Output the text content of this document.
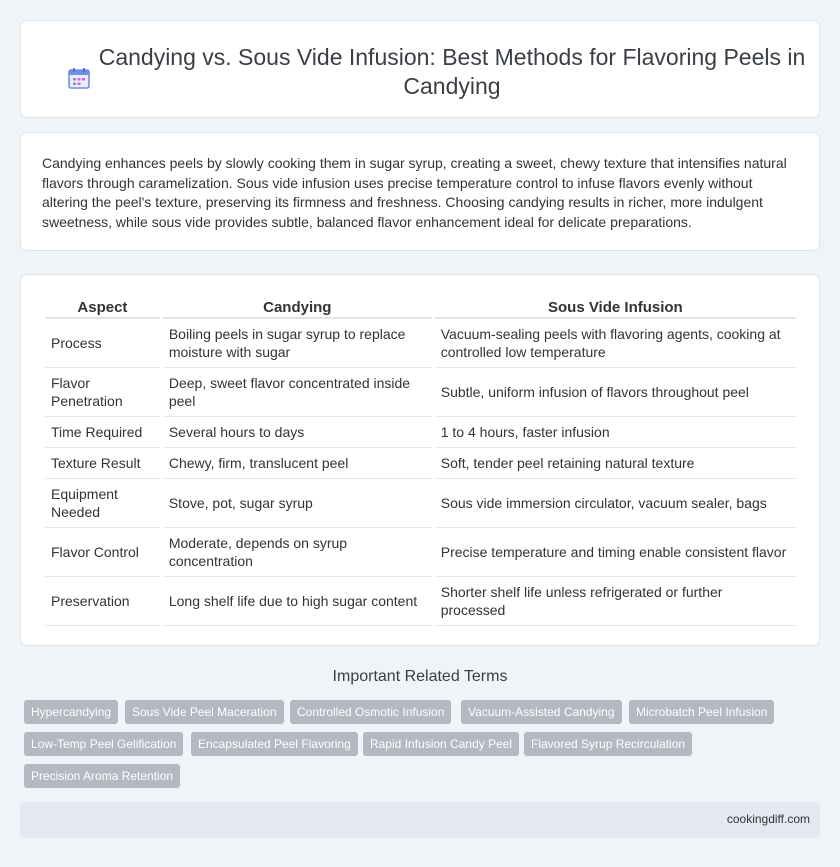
Candying vs. Sous Vide Infusion: Best Methods for Flavoring Peels in Candying

Candying enhances peels by slowly cooking them in sugar syrup, creating a sweet, chewy texture that intensifies natural flavors through caramelization. Sous vide infusion uses precise temperature control to infuse flavors evenly without altering the peel's texture, preserving its firmness and freshness. Choosing candying results in richer, more indulgent sweetness, while sous vide provides subtle, balanced flavor enhancement ideal for delicate preparations.

Aspect	Candying	Sous Vide Infusion
Process	Boiling peels in sugar syrup to replace moisture with sugar	Vacuum-sealing peels with flavoring agents, cooking at controlled low temperature
Flavor Penetration	Deep, sweet flavor concentrated inside peel	Subtle, uniform infusion of flavors throughout peel
Time Required	Several hours to days	1 to 4 hours, faster infusion
Texture Result	Chewy, firm, translucent peel	Soft, tender peel retaining natural texture
Equipment Needed	Stove, pot, sugar syrup	Sous vide immersion circulator, vacuum sealer, bags
Flavor Control	Moderate, depends on syrup concentration	Precise temperature and timing enable consistent flavor
Preservation	Long shelf life due to high sugar content	Shorter shelf life unless refrigerated or further processed
Important Related Terms
Hypercandying	Sous Vide Peel Maceration	Controlled Osmotic Infusion	Vacuum-Assisted Candying	Microbatch Peel Infusion
Low-Temp Peel Gelification	Encapsulated Peel Flavoring	Rapid Infusion Candy Peel	Flavored Syrup Recirculation
Precision Aroma Retention
cookingdiff.com
